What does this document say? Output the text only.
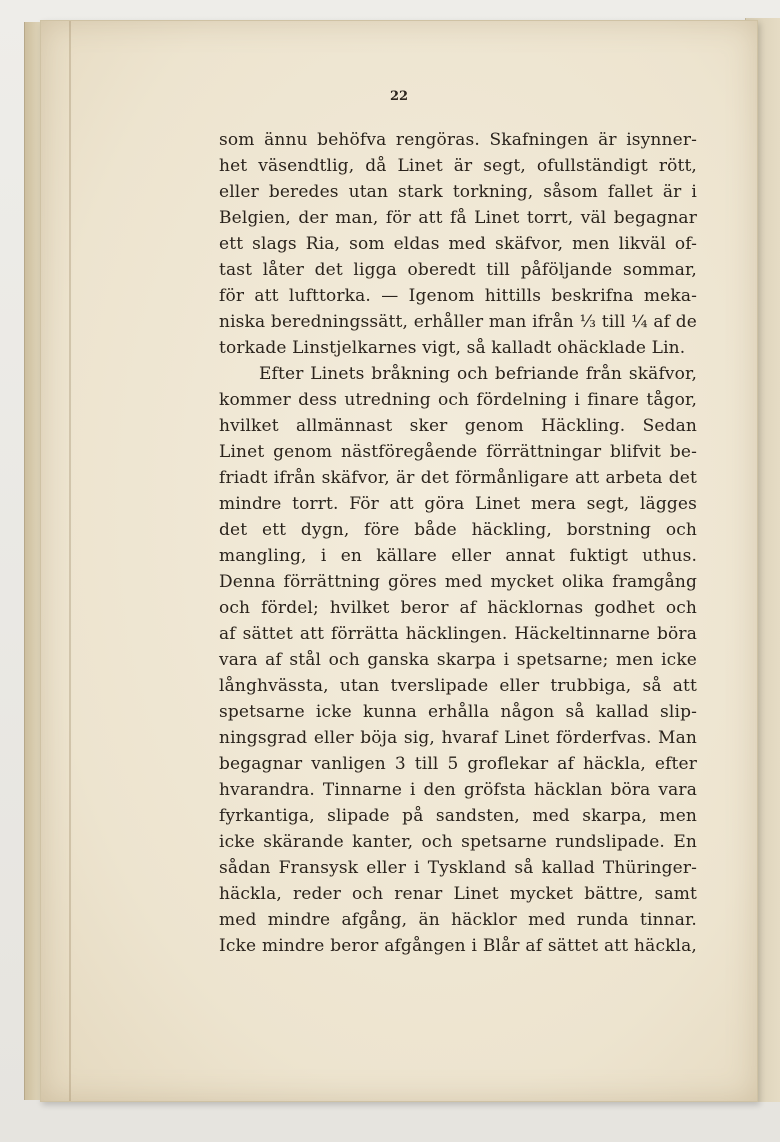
22
som ännu behöfva rengöras. Skafningen är isynner-
het väsendtlig, då Linet är segt, ofullständigt rött,
eller beredes utan stark torkning, såsom fallet är i
Belgien, der man, för att få Linet torrt, väl begagnar
ett slags Ria, som eldas med skäfvor, men likväl of-
tast låter det ligga oberedt till påföljande sommar,
för att lufttorka. — Igenom hittills beskrifna meka-
niska beredningssätt, erhåller man ifrån ⅓ till ¼ af de
torkade Linstjelkarnes vigt, så kalladt ohäcklade Lin.
Efter Linets bråkning och befriande från skäfvor,
kommer dess utredning och fördelning i finare tågor,
hvilket allmännast sker genom Häckling. Sedan
Linet genom nästföregående förrättningar blifvit be-
friadt ifrån skäfvor, är det förmånligare att arbeta det
mindre torrt. För att göra Linet mera segt, lägges
det ett dygn, före både häckling, borstning och
mangling, i en källare eller annat fuktigt uthus.
Denna förrättning göres med mycket olika framgång
och fördel; hvilket beror af häcklornas godhet och
af sättet att förrätta häcklingen. Häckeltinnarne böra
vara af stål och ganska skarpa i spetsarne; men icke
långhvässta, utan tverslipade eller trubbiga, så att
spetsarne icke kunna erhålla någon så kallad slip-
ningsgrad eller böja sig, hvaraf Linet förderfvas. Man
begagnar vanligen 3 till 5 groflekar af häckla, efter
hvarandra. Tinnarne i den gröfsta häcklan böra vara
fyrkantiga, slipade på sandsten, med skarpa, men
icke skärande kanter, och spetsarne rundslipade. En
sådan Fransysk eller i Tyskland så kallad Thüringer-
häckla, reder och renar Linet mycket bättre, samt
med mindre afgång, än häcklor med runda tinnar.
Icke mindre beror afgången i Blår af sättet att häckla,
